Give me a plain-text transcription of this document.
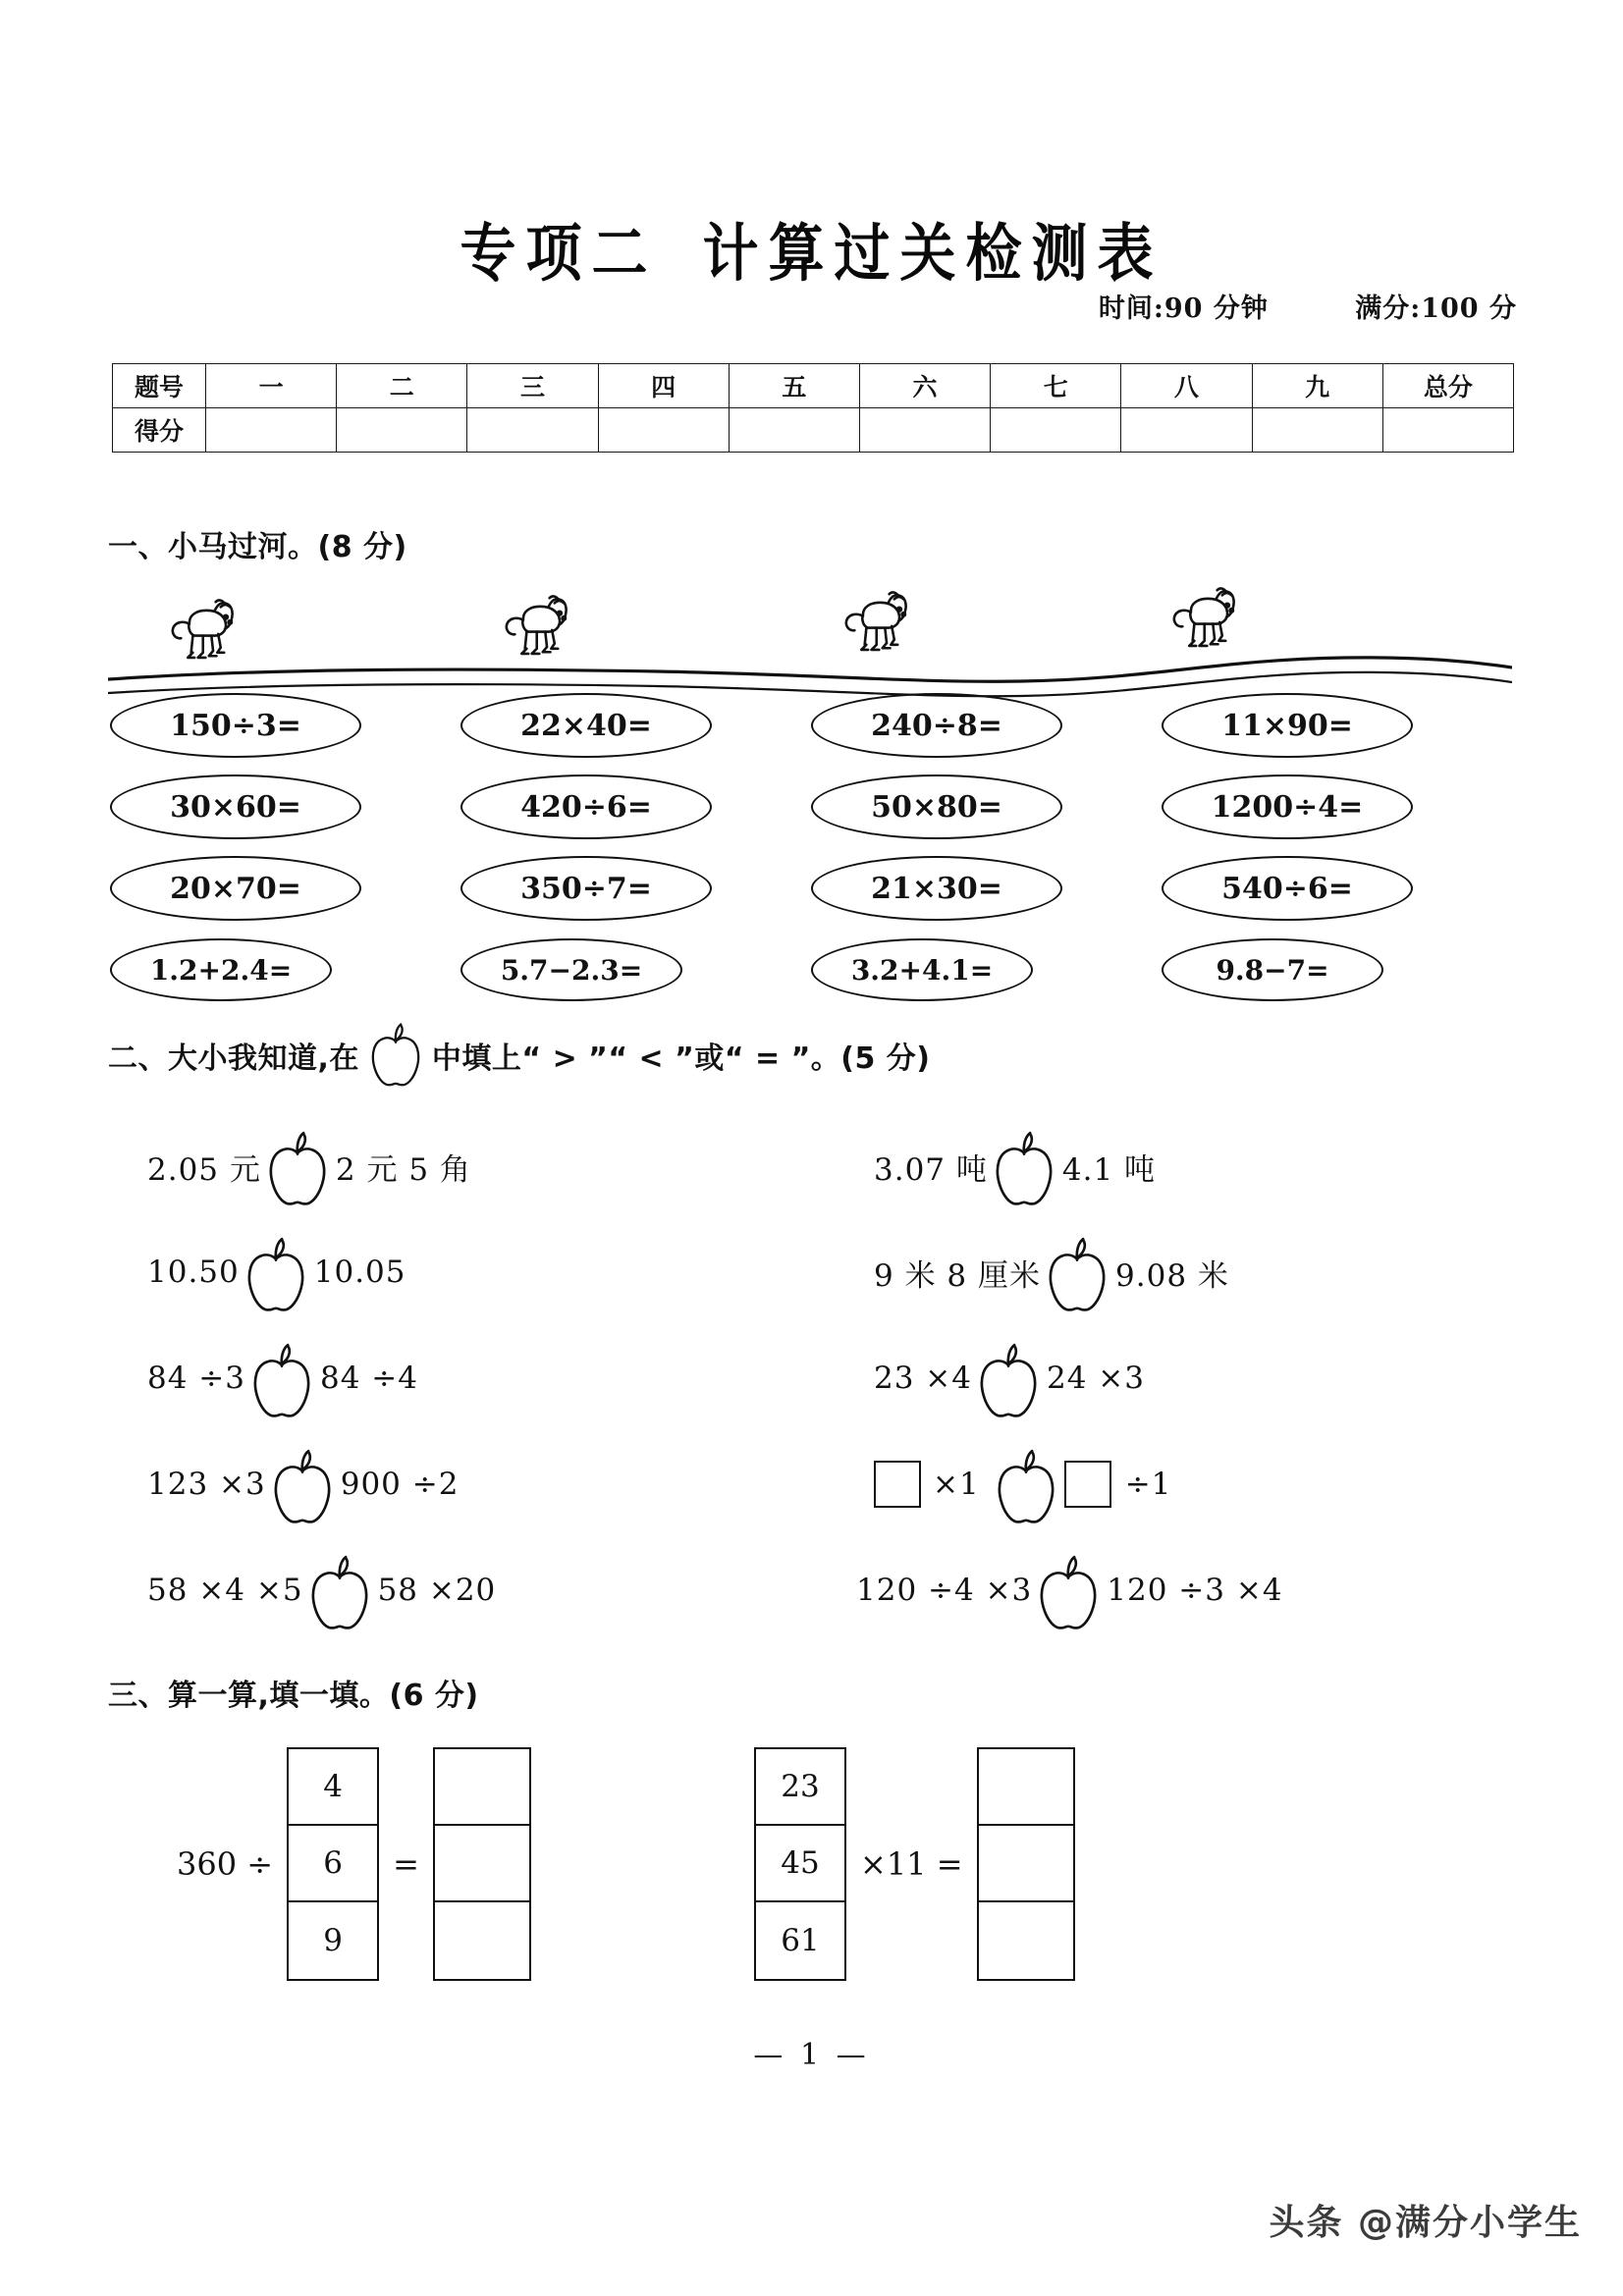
专项二 计算过关检测表
时间:90 分钟	满分:100 分
题号	一	二	三	四	五	六	七	八	九	总分
得分										
一、小马过河。(8 分)
150÷3=	22×40=	240÷8=	11×90=
30×60=	420÷6=	50×80=	1200÷4=
20×70=	350÷7=	21×30=	540÷6=
1.2+2.4=	5.7−2.3=	3.2+4.1=	9.8−7=
二、大小我知道,在 中填上“ > ”“ < ”或“ = ”。(5 分)
2.05 元 2 元 5 角	3.07 吨 4.1 吨
10.50 10.05	9 米 8 厘米 9.08 米
84 ÷3 84 ÷4	23 ×4 24 ×3
123 ×3 900 ÷2	×1	÷1
58 ×4 ×5 58 ×20	120 ÷4 ×3 120 ÷3 ×4
三、算一算,填一填。(6 分)
360 ÷
4
6
9
=
23
45
61
×11 =
— 1 —
头条 @满分小学生
